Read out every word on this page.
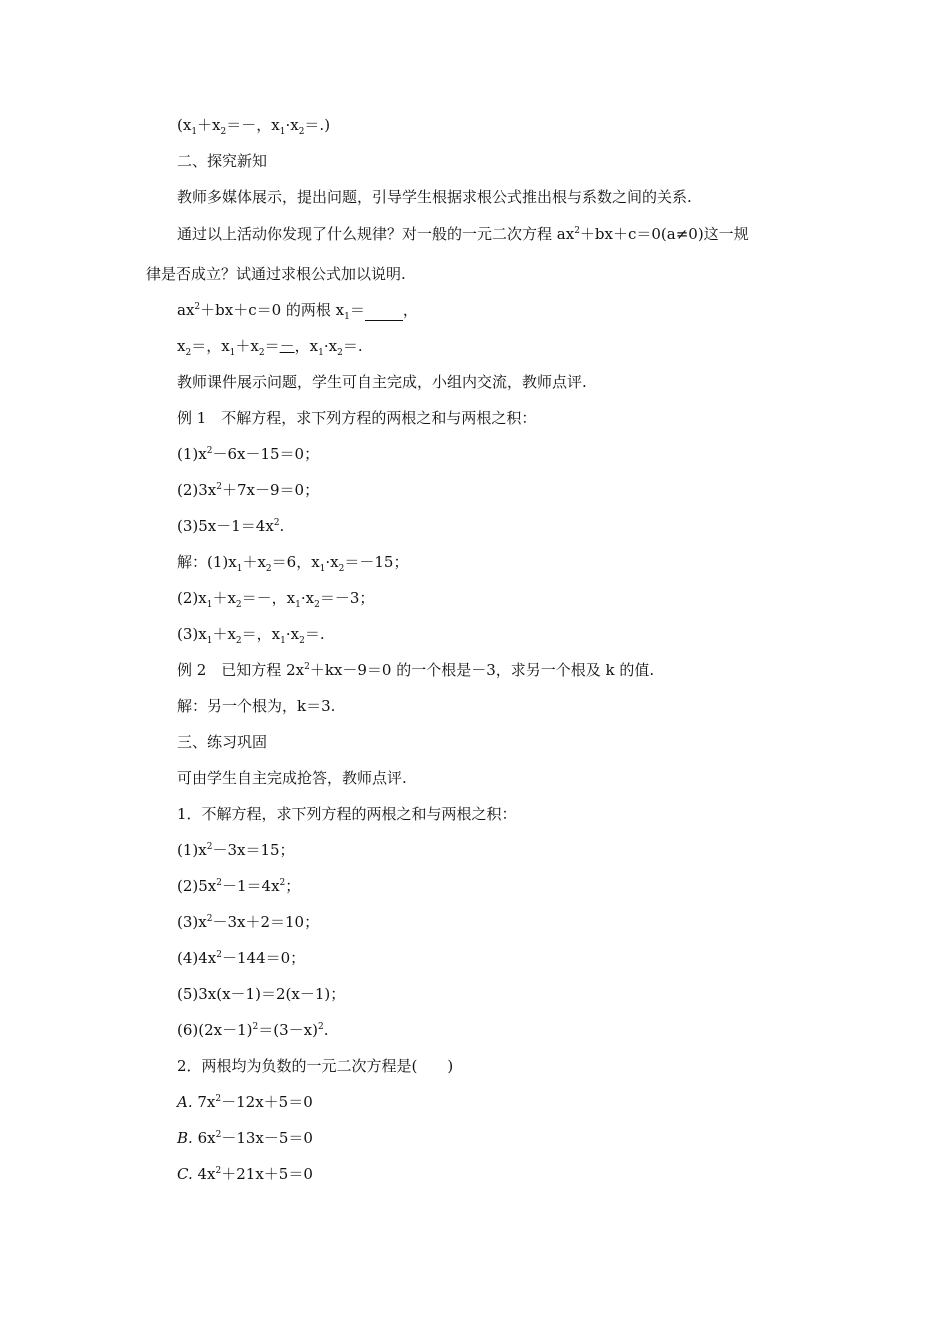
($x_1+x_2=-$，$x_1\cdot x_2=$.)
二、探究新知
教师多媒体展示，提出问题，引导学生根据求根公式推出根与系数之间的关系.
通过以上活动你发现了什么规律？对一般的一元二次方程 $ax^2+bx+c=0(a\ne 0)$这一规
律是否成立？试通过求根公式加以说明.
$ax^2+bx+c=0$ 的两根 $x_1=$	，
$x_2=$，$x_1+x_2=-$，$x_1\cdot x_2=$.
教师课件展示问题，学生可自主完成，小组内交流，教师点评.
例 1　不解方程，求下列方程的两根之和与两根之积：
$(1)x^2-6x-15=0$；
$(2)3x^2+7x-9=0$；
$(3)5x-1=4x^2$.
解：$(1)x_1+x_2=6$，$x_1\cdot x_2=-15$；
$(2)x_1+x_2=-$，$x_1\cdot x_2=-3$；
$(3)x_1+x_2=$，$x_1\cdot x_2=$.
例 2　已知方程 $2x^2+kx-9=0$ 的一个根是－3，求另一个根及 k 的值.
解：另一个根为，k＝3.
三、练习巩固
可由学生自主完成抢答，教师点评.
1．不解方程，求下列方程的两根之和与两根之积：
$(1)x^2-3x=15$；
$(2)5x^2-1=4x^2$；
$(3)x^2-3x+2=10$；
$(4)4x^2-144=0$；
(5)3x(x－1)＝2(x－1)；
$(6)(2x-1)^2=(3-x)^2$.
2．两根均为负数的一元二次方程是(　　)
A. $7x^2-12x+5=0$
B. $6x^2-13x-5=0$
C. $4x^2+21x+5=0$
